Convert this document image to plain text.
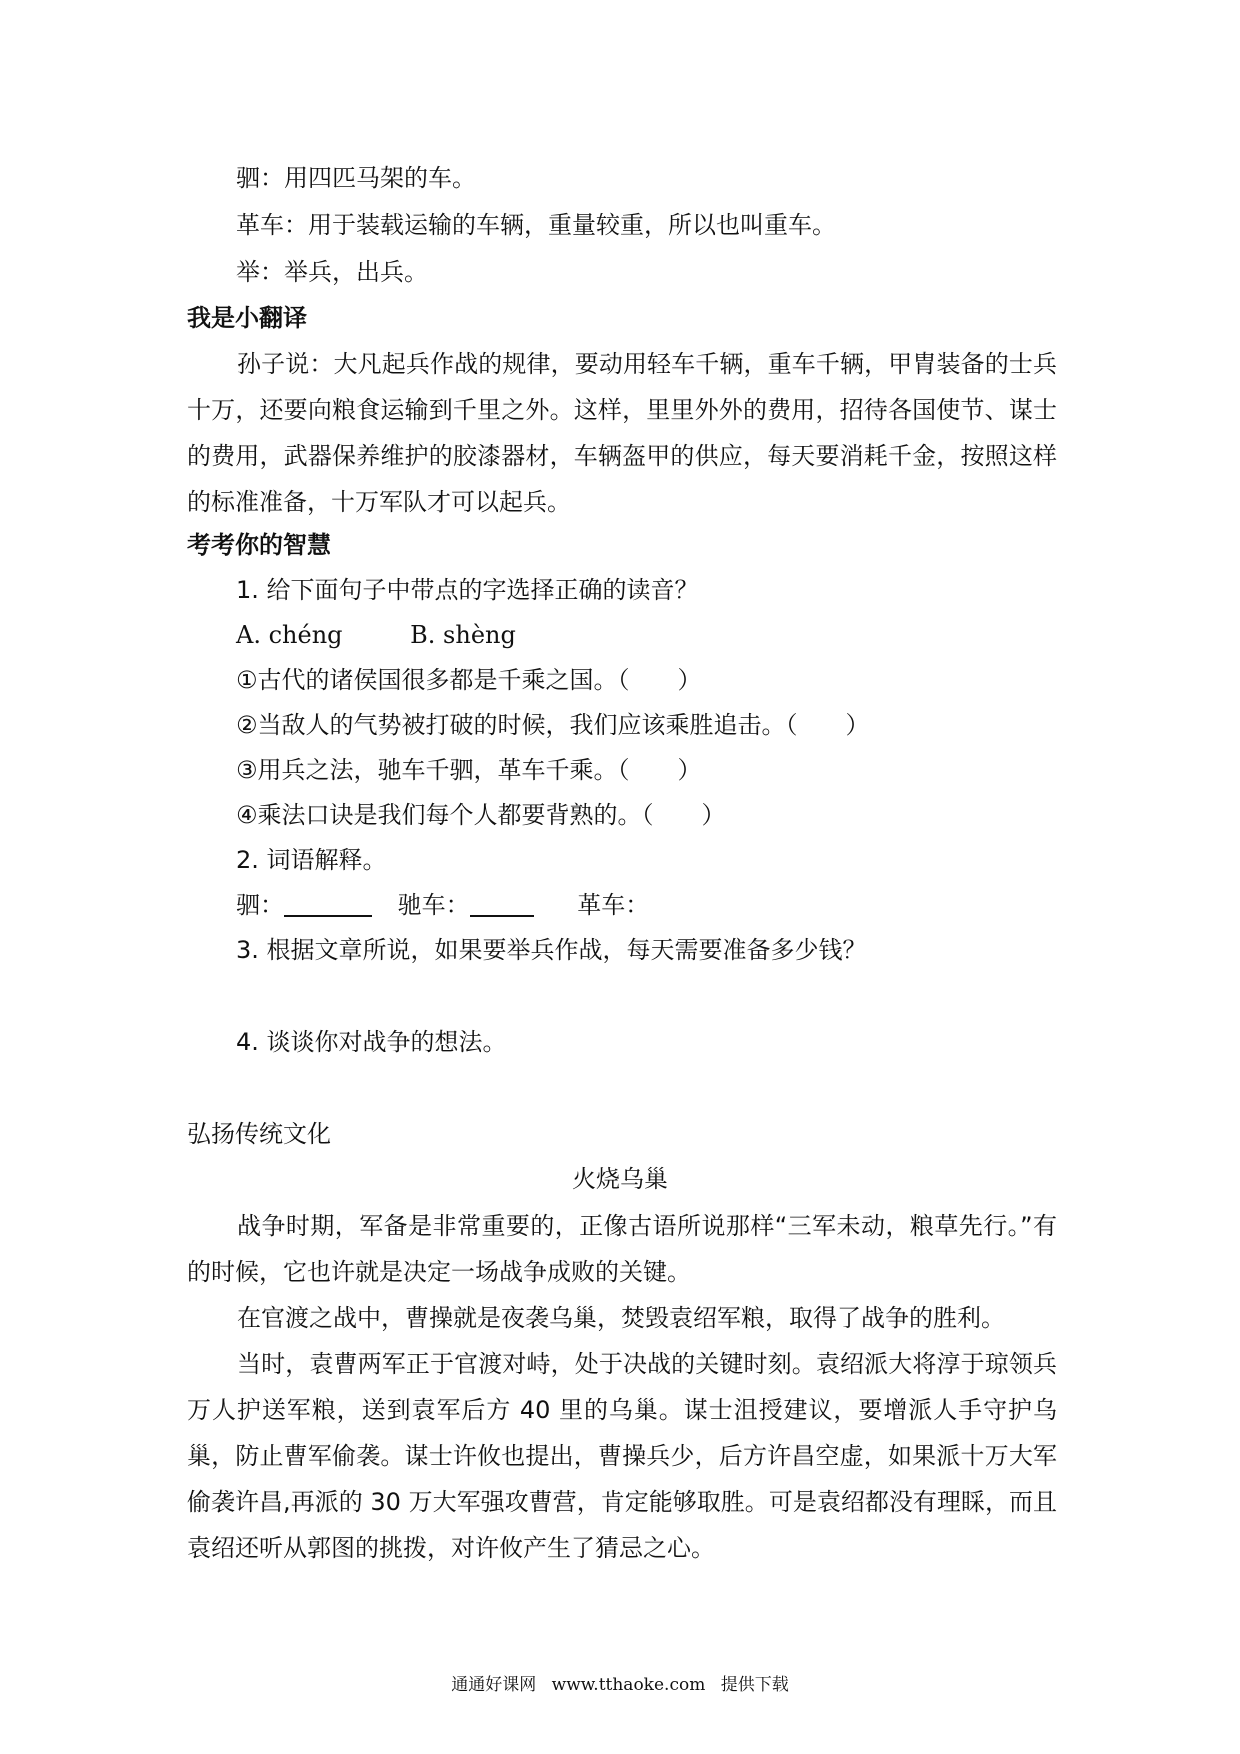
驷：用四匹马架的车。
革车：用于装载运输的车辆，重量较重，所以也叫重车。
举：举兵，出兵。
我是小翻译
孙子说：大凡起兵作战的规律，要动用轻车千辆，重车千辆，甲胄装备的士兵十万，还要向粮食运输到千里之外。这样，里里外外的费用，招待各国使节、谋士的费用，武器保养维护的胶漆器材，车辆盔甲的供应，每天要消耗千金，按照这样的标准准备，十万军队才可以起兵。
考考你的智慧
1. 给下面句子中带点的字选择正确的读音？
A. chéng	B. shèng
①古代的诸侯国很多都是千乘之国。（　　）
②当敌人的气势被打破的时候，我们应该乘胜追击。（　　）
③用兵之法，驰车千驷，革车千乘。（　　）
④乘法口诀是我们每个人都要背熟的。（　　）
2. 词语解释。
驷：	驰车：	革车：
3. 根据文章所说，如果要举兵作战，每天需要准备多少钱？
4. 谈谈你对战争的想法。
弘扬传统文化
火烧乌巢
战争时期，军备是非常重要的，正像古语所说那样“三军未动，粮草先行。”有的时候，它也许就是决定一场战争成败的关键。
在官渡之战中，曹操就是夜袭乌巢，焚毁袁绍军粮，取得了战争的胜利。
当时，袁曹两军正于官渡对峙，处于决战的关键时刻。袁绍派大将淳于琼领兵万人护送军粮，送到袁军后方 40 里的乌巢。谋士沮授建议，要增派人手守护乌巢，防止曹军偷袭。谋士许攸也提出，曹操兵少，后方许昌空虚，如果派十万大军偷袭许昌,再派的 30 万大军强攻曹营，肯定能够取胜。可是袁绍都没有理睬，而且袁绍还听从郭图的挑拨，对许攸产生了猜忌之心。
通通好课网 www.tthaoke.com 提供下载
